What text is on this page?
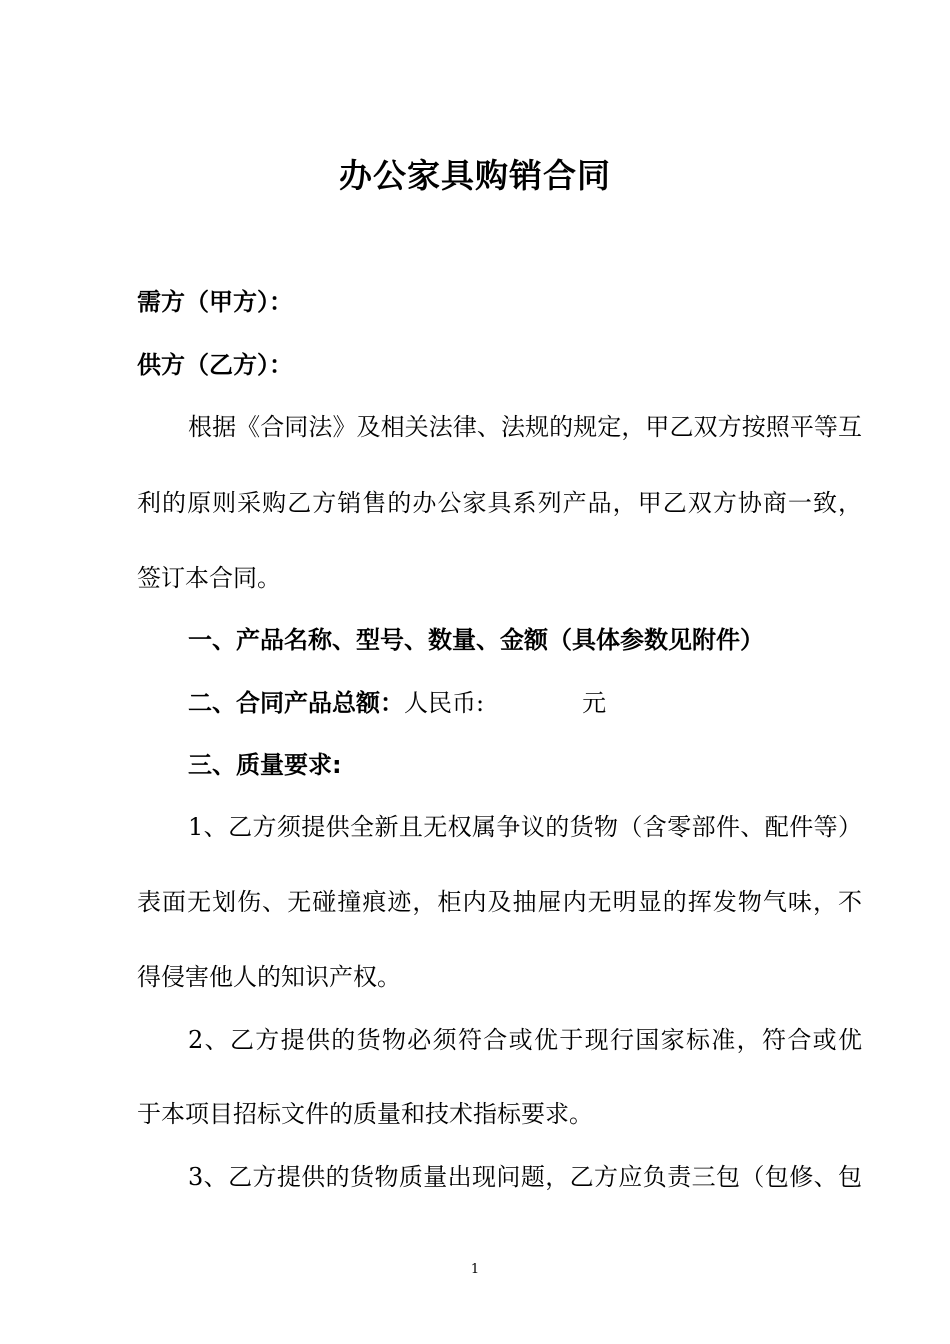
办公家具购销合同
需方（甲方）：
供方（乙方）：
根据《合同法》及相关法律、法规的规定，甲乙双方按照平等互
利的原则采购乙方销售的办公家具系列产品，甲乙双方协商一致，
签订本合同。
一、产品名称、型号、数量、金额（具体参数见附件）
二、合同产品总额：人民币:	元
三、质量要求:
1、乙方须提供全新且无权属争议的货物（含零部件、配件等）
表面无划伤、无碰撞痕迹，柜内及抽屉内无明显的挥发物气味，不
得侵害他人的知识产权。
2、乙方提供的货物必须符合或优于现行国家标准，符合或优
于本项目招标文件的质量和技术指标要求。
3、乙方提供的货物质量出现问题，乙方应负责三包（包修、包
1
